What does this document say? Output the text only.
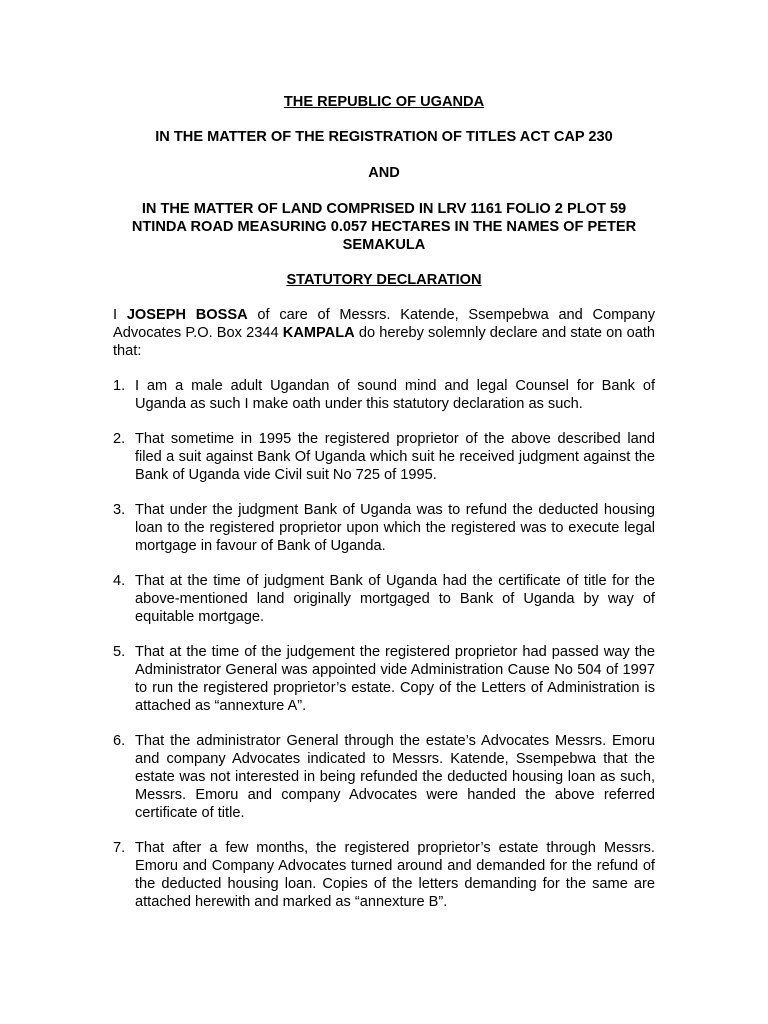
THE REPUBLIC OF UGANDA

IN THE MATTER OF THE REGISTRATION OF TITLES ACT CAP 230

AND

IN THE MATTER OF LAND COMPRISED IN LRV 1161 FOLIO 2 PLOT 59
NTINDA ROAD MEASURING 0.057 HECTARES IN THE NAMES OF PETER
SEMAKULA

STATUTORY DECLARATION

I JOSEPH BOSSA of care of Messrs. Katende, Ssempebwa and Company Advocates P.O. Box 2344 KAMPALA do hereby solemnly declare and state on oath that:

1. I am a male adult Ugandan of sound mind and legal Counsel for Bank of Uganda as such I make oath under this statutory declaration as such.
2. That sometime in 1995 the registered proprietor of the above described land filed a suit against Bank Of Uganda which suit he received judgment against the Bank of Uganda vide Civil suit No 725 of 1995.
3. That under the judgment Bank of Uganda was to refund the deducted housing loan to the registered proprietor upon which the registered was to execute legal mortgage in favour of Bank of Uganda.
4. That at the time of judgment Bank of Uganda had the certificate of title for the above-mentioned land originally mortgaged to Bank of Uganda by way of equitable mortgage.
5. That at the time of the judgement the registered proprietor had passed way the Administrator General was appointed vide Administration Cause No 504 of 1997 to run the registered proprietor’s estate. Copy of the Letters of Administration is attached as “annexture A”.
6. That the administrator General through the estate’s Advocates Messrs. Emoru and company Advocates indicated to Messrs. Katende, Ssempebwa that the estate was not interested in being refunded the deducted housing loan as such, Messrs. Emoru and company Advocates were handed the above referred certificate of title.
7. That after a few months, the registered proprietor’s estate through Messrs. Emoru and Company Advocates turned around and demanded for the refund of the deducted housing loan. Copies of the letters demanding for the same are attached herewith and marked as “annexture B”.
